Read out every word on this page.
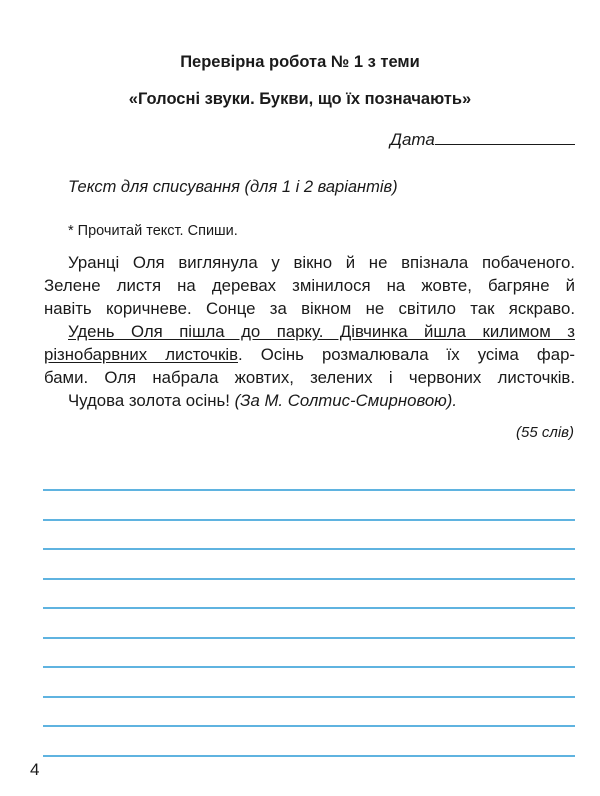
Перевірна робота № 1 з теми
«Голосні звуки. Букви, що їх позначають»
Дата
Текст для списування (для 1 і 2 варіантів)
* Прочитай текст. Спиши.
Уранці Оля виглянула у вікно й не впізнала побаченого.
Зелене листя на деревах змінилося на жовте, багряне й
навіть коричневе. Сонце за вікном не світило так яскраво.
Удень Оля пішла до парку. Дівчинка йшла килимом з
різнобарвних листочків. Осінь розмалювала їх усіма фар-
бами. Оля набрала жовтих, зелених і червоних листочків.
Чудова золота осінь! (За М. Солтис-Смирновою).
(55 слів)
4
